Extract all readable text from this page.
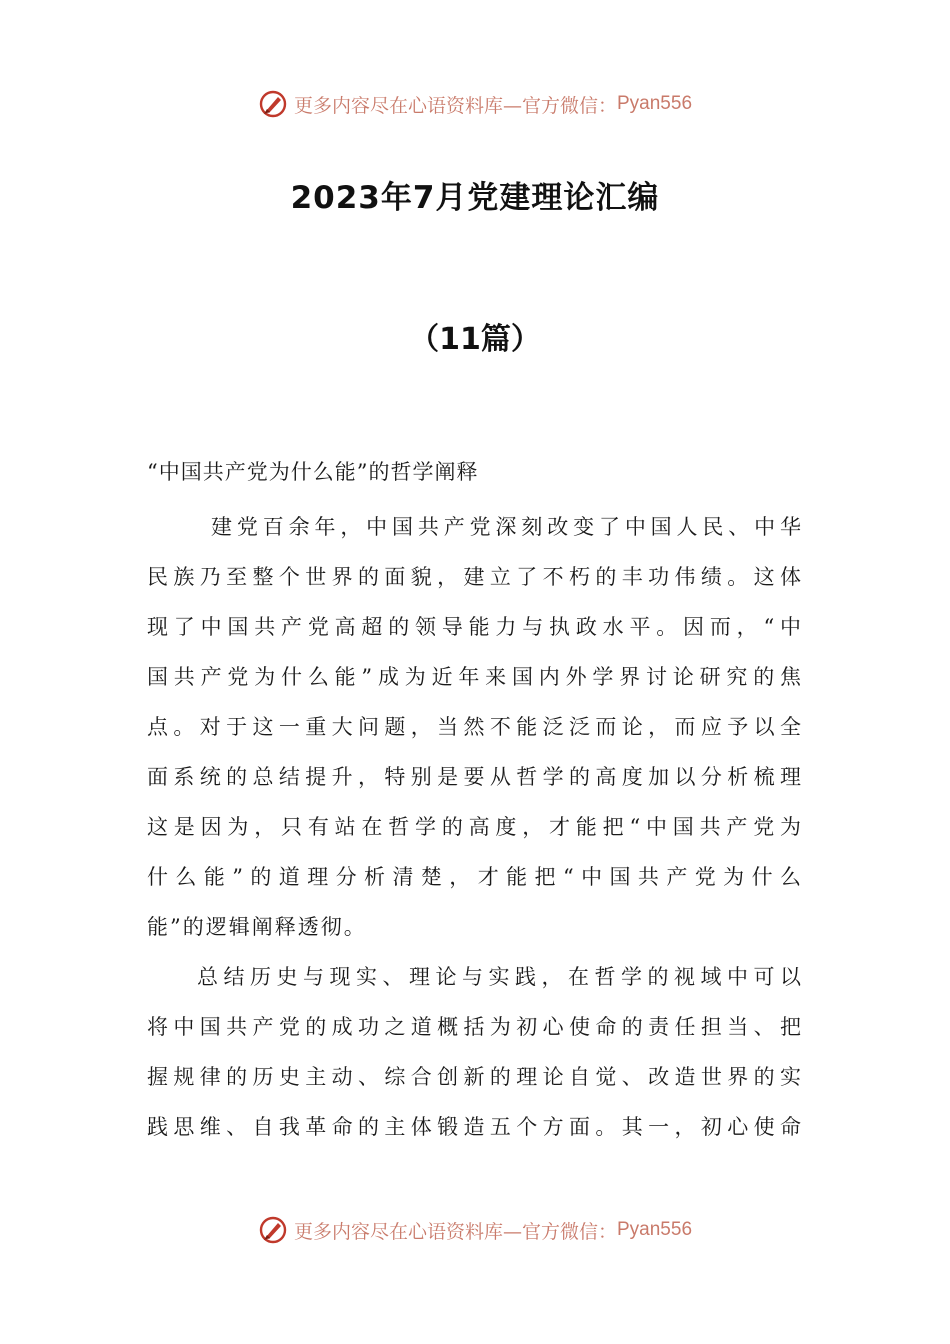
更多内容尽在心语资料库—官方微信： Pyan556
2023年7月党建理论汇编
（11篇）
“中国共产党为什么能”的哲学阐释
建党百余年，中国共产党深刻改变了中国人民、中华
民族乃至整个世界的面貌，建立了不朽的丰功伟绩。这体
现了中国共产党高超的领导能力与执政水平。因而，“中
国共产党为什么能”成为近年来国内外学界讨论研究的焦
点。对于这一重大问题，当然不能泛泛而论，而应予以全
面系统的总结提升，特别是要从哲学的高度加以分析梳理
这是因为，只有站在哲学的高度，才能把“中国共产党为
什么能”的道理分析清楚，才能把“中国共产党为什么
能”的逻辑阐释透彻。
总结历史与现实、理论与实践，在哲学的视域中可以
将中国共产党的成功之道概括为初心使命的责任担当、把
握规律的历史主动、综合创新的理论自觉、改造世界的实
践思维、自我革命的主体锻造五个方面。其一，初心使命
更多内容尽在心语资料库—官方微信： Pyan556
